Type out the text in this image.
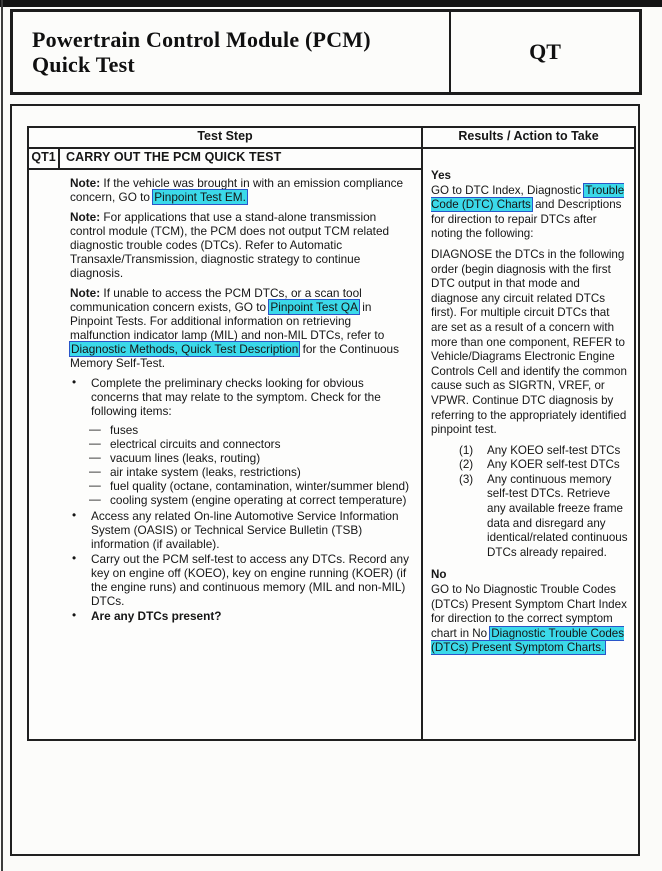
Powertrain Control Module (PCM)
Quick Test
QT
Test Step	Results / Action to Take
QT1 CARRY OUT THE PCM QUICK TEST
Note: If the vehicle was brought in with an emission compliance concern, GO to Pinpoint Test EM.
Note: For applications that use a stand-alone transmission control module (TCM), the PCM does not output TCM related diagnostic trouble codes (DTCs). Refer to Automatic Transaxle/Transmission, diagnostic strategy to continue diagnosis.
Note: If unable to access the PCM DTCs, or a scan tool communication concern exists, GO to Pinpoint Test QA in Pinpoint Tests. For additional information on retrieving malfunction indicator lamp (MIL) and non-MIL DTCs, refer to Diagnostic Methods, Quick Test Description for the Continuous Memory Self-Test.
• Complete the preliminary checks looking for obvious concerns that may relate to the symptom. Check for the following items:
— fuses
— electrical circuits and connectors
— vacuum lines (leaks, routing)
— air intake system (leaks, restrictions)
— fuel quality (octane, contamination, winter/summer blend)
— cooling system (engine operating at correct temperature)
• Access any related On-line Automotive Service Information System (OASIS) or Technical Service Bulletin (TSB) information (if available).
• Carry out the PCM self-test to access any DTCs. Record any key on engine off (KOEO), key on engine running (KOER) (if the engine runs) and continuous memory (MIL and non-MIL) DTCs.
• Are any DTCs present?
Yes
GO to DTC Index, Diagnostic Trouble Code (DTC) Charts and Descriptions for direction to repair DTCs after noting the following:
DIAGNOSE the DTCs in the following order (begin diagnosis with the first DTC output in that mode and diagnose any circuit related DTCs first). For multiple circuit DTCs that are set as a result of a concern with more than one component, REFER to Vehicle/Diagrams Electronic Engine Controls Cell and identify the common cause such as SIGRTN, VREF, or VPWR. Continue DTC diagnosis by referring to the appropriately identified pinpoint test.
(1) Any KOEO self-test DTCs
(2) Any KOER self-test DTCs
(3) Any continuous memory self-test DTCs. Retrieve any available freeze frame data and disregard any identical/related continuous DTCs already repaired.
No
GO to No Diagnostic Trouble Codes (DTCs) Present Symptom Chart Index for direction to the correct symptom chart in No Diagnostic Trouble Codes (DTCs) Present Symptom Charts.
